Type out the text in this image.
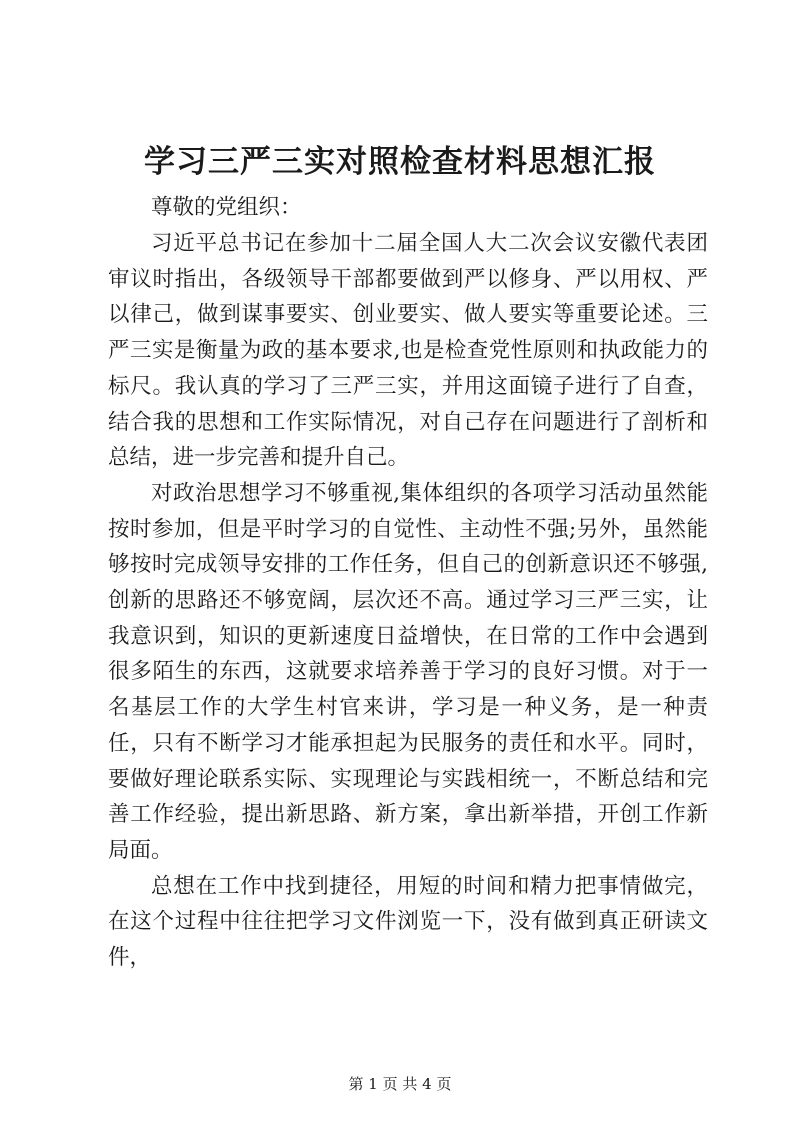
学习三严三实对照检查材料思想汇报

尊敬的党组织：

习近平总书记在参加十二届全国人大二次会议安徽代表团审议时指出，各级领导干部都要做到严以修身、严以用权、严以律己，做到谋事要实、创业要实、做人要实等重要论述。三严三实是衡量为政的基本要求,也是检查党性原则和执政能力的标尺。我认真的学习了三严三实，并用这面镜子进行了自查，结合我的思想和工作实际情况，对自己存在问题进行了剖析和总结，进一步完善和提升自己。

对政治思想学习不够重视,集体组织的各项学习活动虽然能按时参加，但是平时学习的自觉性、主动性不强;另外，虽然能够按时完成领导安排的工作任务，但自己的创新意识还不够强,创新的思路还不够宽阔，层次还不高。通过学习三严三实，让我意识到，知识的更新速度日益增快，在日常的工作中会遇到很多陌生的东西，这就要求培养善于学习的良好习惯。对于一名基层工作的大学生村官来讲，学习是一种义务，是一种责任，只有不断学习才能承担起为民服务的责任和水平。同时，要做好理论联系实际、实现理论与实践相统一，不断总结和完善工作经验，提出新思路、新方案，拿出新举措，开创工作新局面。

总想在工作中找到捷径，用短的时间和精力把事情做完，在这个过程中往往把学习文件浏览一下，没有做到真正研读文件，

第 1 页 共 4 页
